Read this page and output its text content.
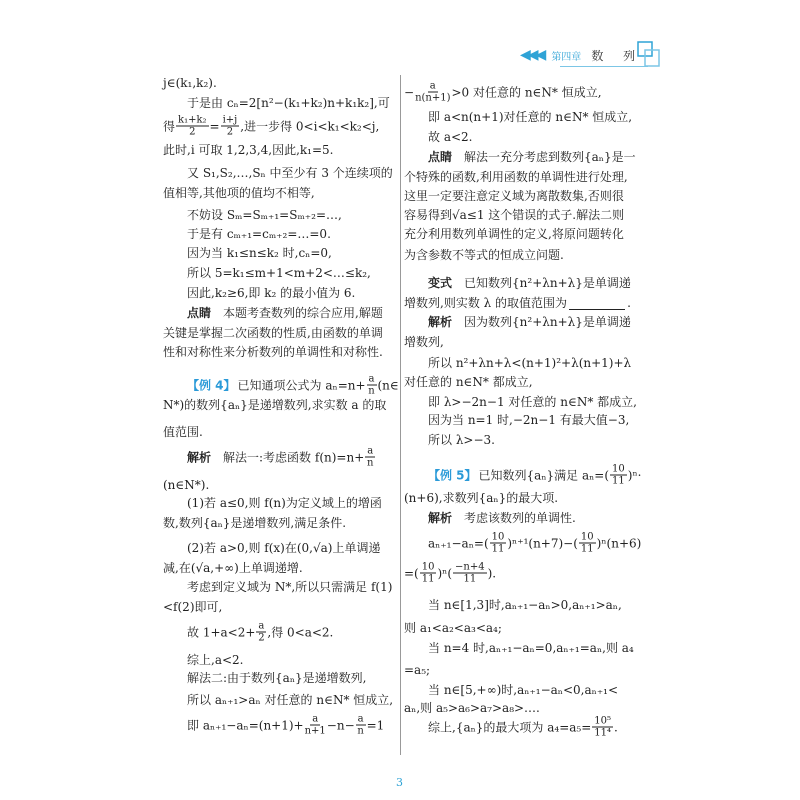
◀◀◀ 第四章 数 列
j∈(k₁,k₂).
于是由 cₙ=2[n²−(k₁+k₂)n+k₁k₂],可
得 $\frac{\text{k₁+k₂}}{2} = \frac{i+j}{2}$ ,进一步得 0<i<k₁<k₂<j,
此时,i 可取 1,2,3,4,因此,k₁=5.
又 S₁,S₂,…,Sₙ 中至少有 3 个连续项的
值相等,其他项的值均不相等,
不妨设 Sₘ=Sₘ₊₁=Sₘ₊₂=…,
于是有 cₘ₊₁=cₘ₊₂=…=0.
因为当 k₁≤n≤k₂ 时,cₙ=0,
所以 5=k₁≤m+1<m+2<…≤k₂,
因此,k₂≥6,即 k₂ 的最小值为 6.
点睛 本题考查数列的综合应用,解题
关键是掌握二次函数的性质,由函数的单调
性和对称性来分析数列的单调性和对称性.
【例 4】 已知通项公式为 $a_n=n+ \frac{a}{n}$ (n∈
N*)的数列{aₙ}是递增数列,求实数 a 的取
值范围.
解析 解法一:考虑函数 $f(n)=n+ \frac{a}{n}$
(n∈N*).
(1)若 a≤0,则 f(n)为定义域上的增函
数,数列{aₙ}是递增数列,满足条件.
(2)若 a>0,则 f(x)在(0,√a)上单调递
减,在(√a,+∞)上单调递增.
考虑到定义域为 N*,所以只需满足 f(1)
<f(2)即可,
故 $1+a<2+ \frac{a}{2}$ ,得 0<a<2.
综上,a<2.
解法二:由于数列{aₙ}是递增数列,
所以 aₙ₊₁>aₙ 对任意的 n∈N* 恒成立,
即 $a_{n+1}-a_n=(n+1)+ \frac{a}{n+1} -n- \frac{a}{n} =1$
− $\frac{a}{n(n+1)} >0$ 对任意的 n∈N* 恒成立,
即 a<n(n+1)对任意的 n∈N* 恒成立,
故 a<2.
点睛 解法一充分考虑到数列{aₙ}是一
个特殊的函数,利用函数的单调性进行处理,
这里一定要注意定义域为离散数集,否则很
容易得到√a≤1 这个错误的式子.解法二则
充分利用数列单调性的定义,将原问题转化
为含参数不等式的恒成立问题.
变式 已知数列{n²+λn+λ}是单调递
增数列,则实数 λ 的取值范围为	.
解析 因为数列{n²+λn+λ}是单调递
增数列,
所以 n²+λn+λ<(n+1)²+λ(n+1)+λ
对任意的 n∈N* 都成立,
即 λ>−2n−1 对任意的 n∈N* 都成立,
因为当 n=1 时,−2n−1 有最大值−3,
所以 λ>−3.
【例 5】 已知数列{aₙ}满足 $a_n=( \frac{10}{11} )^n\cdot$
(n+6),求数列{aₙ}的最大项.
解析 考虑该数列的单调性.
$a_{n+1}-a_n=( \frac{10}{11} )^{n+1}(n+7)-( \frac{10}{11} )^n(n+6)$
=( $\frac{10}{11} )^n( \frac{-n+4}{11}$ ).
当 n∈[1,3]时,aₙ₊₁−aₙ>0,aₙ₊₁>aₙ,
则 a₁<a₂<a₃<a₄;
当 n=4 时,aₙ₊₁−aₙ=0,aₙ₊₁=aₙ,则 a₄
=a₅;
当 n∈[5,+∞)时,aₙ₊₁−aₙ<0,aₙ₊₁<
aₙ,则 a₅>a₆>a₇>a₈>….
综上,{aₙ}的最大项为 $a_4=a_5= \frac{\text{10⁵}}{\text{11⁴}}$ .
3
